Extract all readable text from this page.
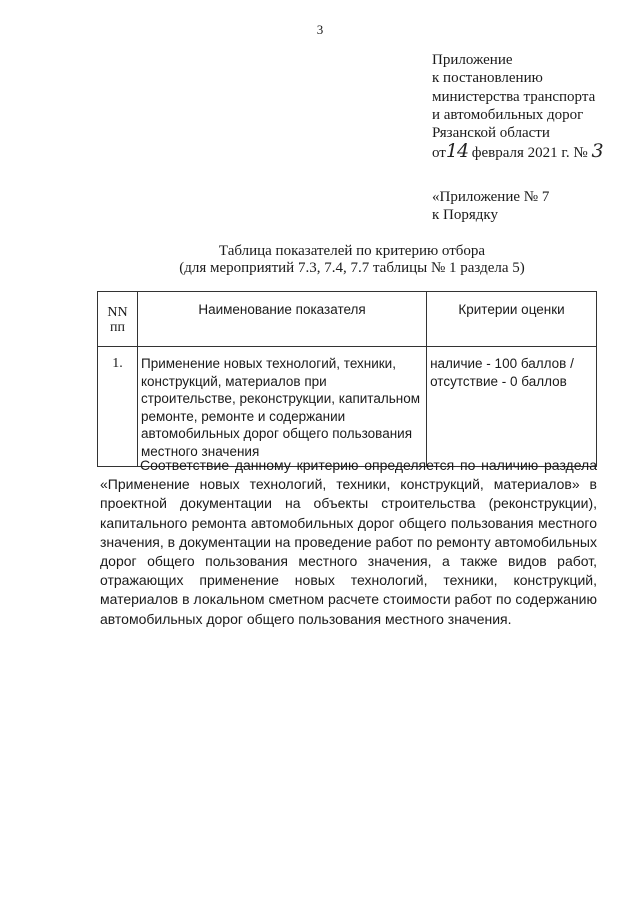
3
Приложение
к постановлению
министерства транспорта
и автомобильных дорог
Рязанской области
от14 февраля 2021 г. № 3
«Приложение № 7
к Порядку
Таблица показателей по критерию отбора
(для мероприятий 7.3, 7.4, 7.7 таблицы № 1 раздела 5)
NN
пп	Наименование показателя	Критерии оценки
1.	Применение новых технологий, техники, конструкций, материалов при строительстве, реконструкции, капитальном ремонте, ремонте и содержании автомобильных дорог общего пользования местного значения	наличие - 100 баллов /
отсутствие - 0 баллов

Соответствие данному критерию определяется по наличию раздела «Применение новых технологий, техники, конструкций, материалов» в проектной документации на объекты строительства (реконструкции), капитального ремонта автомобильных дорог общего пользования местного значения, в документации на проведение работ по ремонту автомобильных дорог общего пользования местного значения, а также видов работ, отражающих применение новых технологий, техники, конструкций, материалов в локальном сметном расчете стоимости работ по содержанию автомобильных дорог общего пользования местного значения.
